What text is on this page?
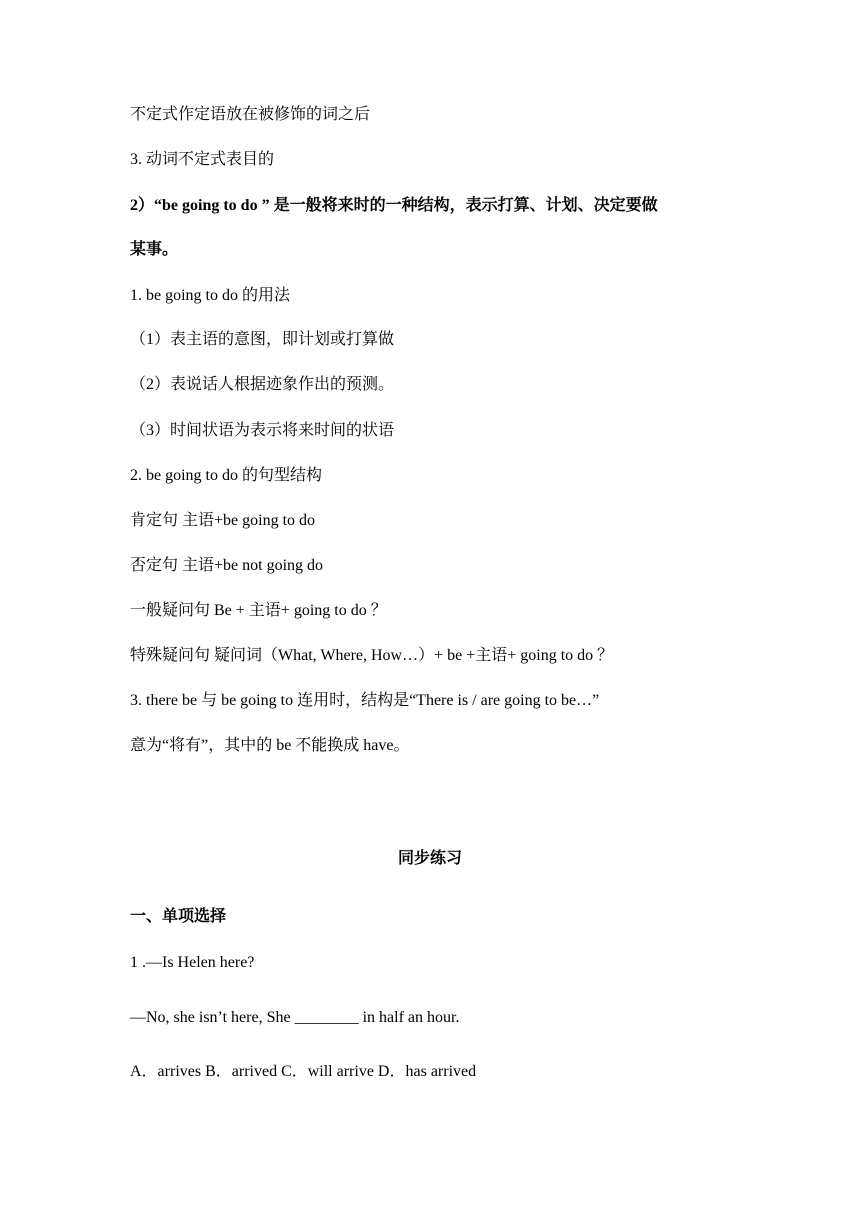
不定式作定语放在被修饰的词之后
3. 动词不定式表目的
2）“be going to do ” 是一般将来时的一种结构，表示打算、计划、决定要做
某事。
1. be going to do 的用法
（1）表主语的意图，即计划或打算做
（2）表说话人根据迹象作出的预测。
（3）时间状语为表示将来时间的状语
2. be going to do 的句型结构
肯定句 主语+be going to do
否定句 主语+be not going do
一般疑问句 Be + 主语+ going to do ？
特殊疑问句 疑问词（What, Where, How…）+ be +主语+ going to do ？
3. there be 与 be going to 连用时，结构是“There is / are going to be…”
意为“将有”，其中的 be 不能换成 have。
同步练习
一、单项选择
1 .—Is Helen here?
—No, she isn’t here, She ________ in half an hour.
A．arrives B．arrived C．will arrive D．has arrived
